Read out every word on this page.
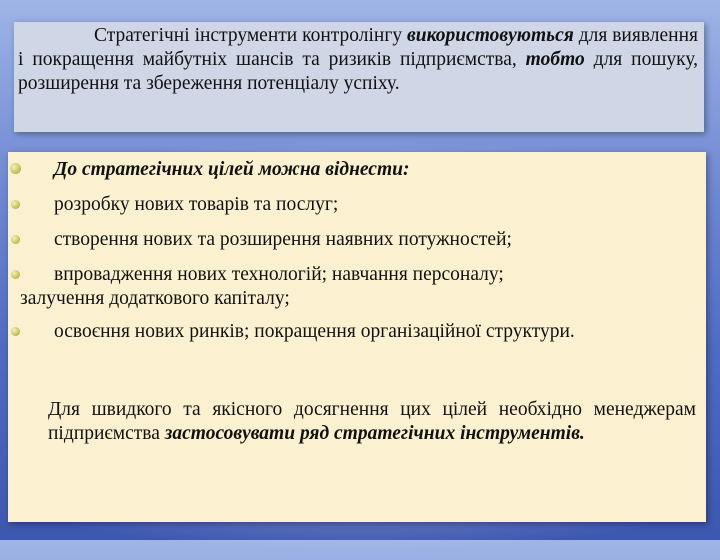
Стратегічні інструменти контролінгу використовуються для виявлення і покращення майбутніх шансів та ризиків підприємства, тобто для пошуку, розширення та збереження потенціалу успіху.
До стратегічних цілей можна віднести:
розробку нових товарів та послуг;
створення нових та розширення наявних потужностей;
впровадження нових технологій; навчання персоналу;
залучення додаткового капіталу;
освоєння нових ринків; покращення організаційної структури.
Для швидкого та якісного досягнення цих цілей необхідно менеджерам підприємства застосовувати ряд стратегічних інструментів.
